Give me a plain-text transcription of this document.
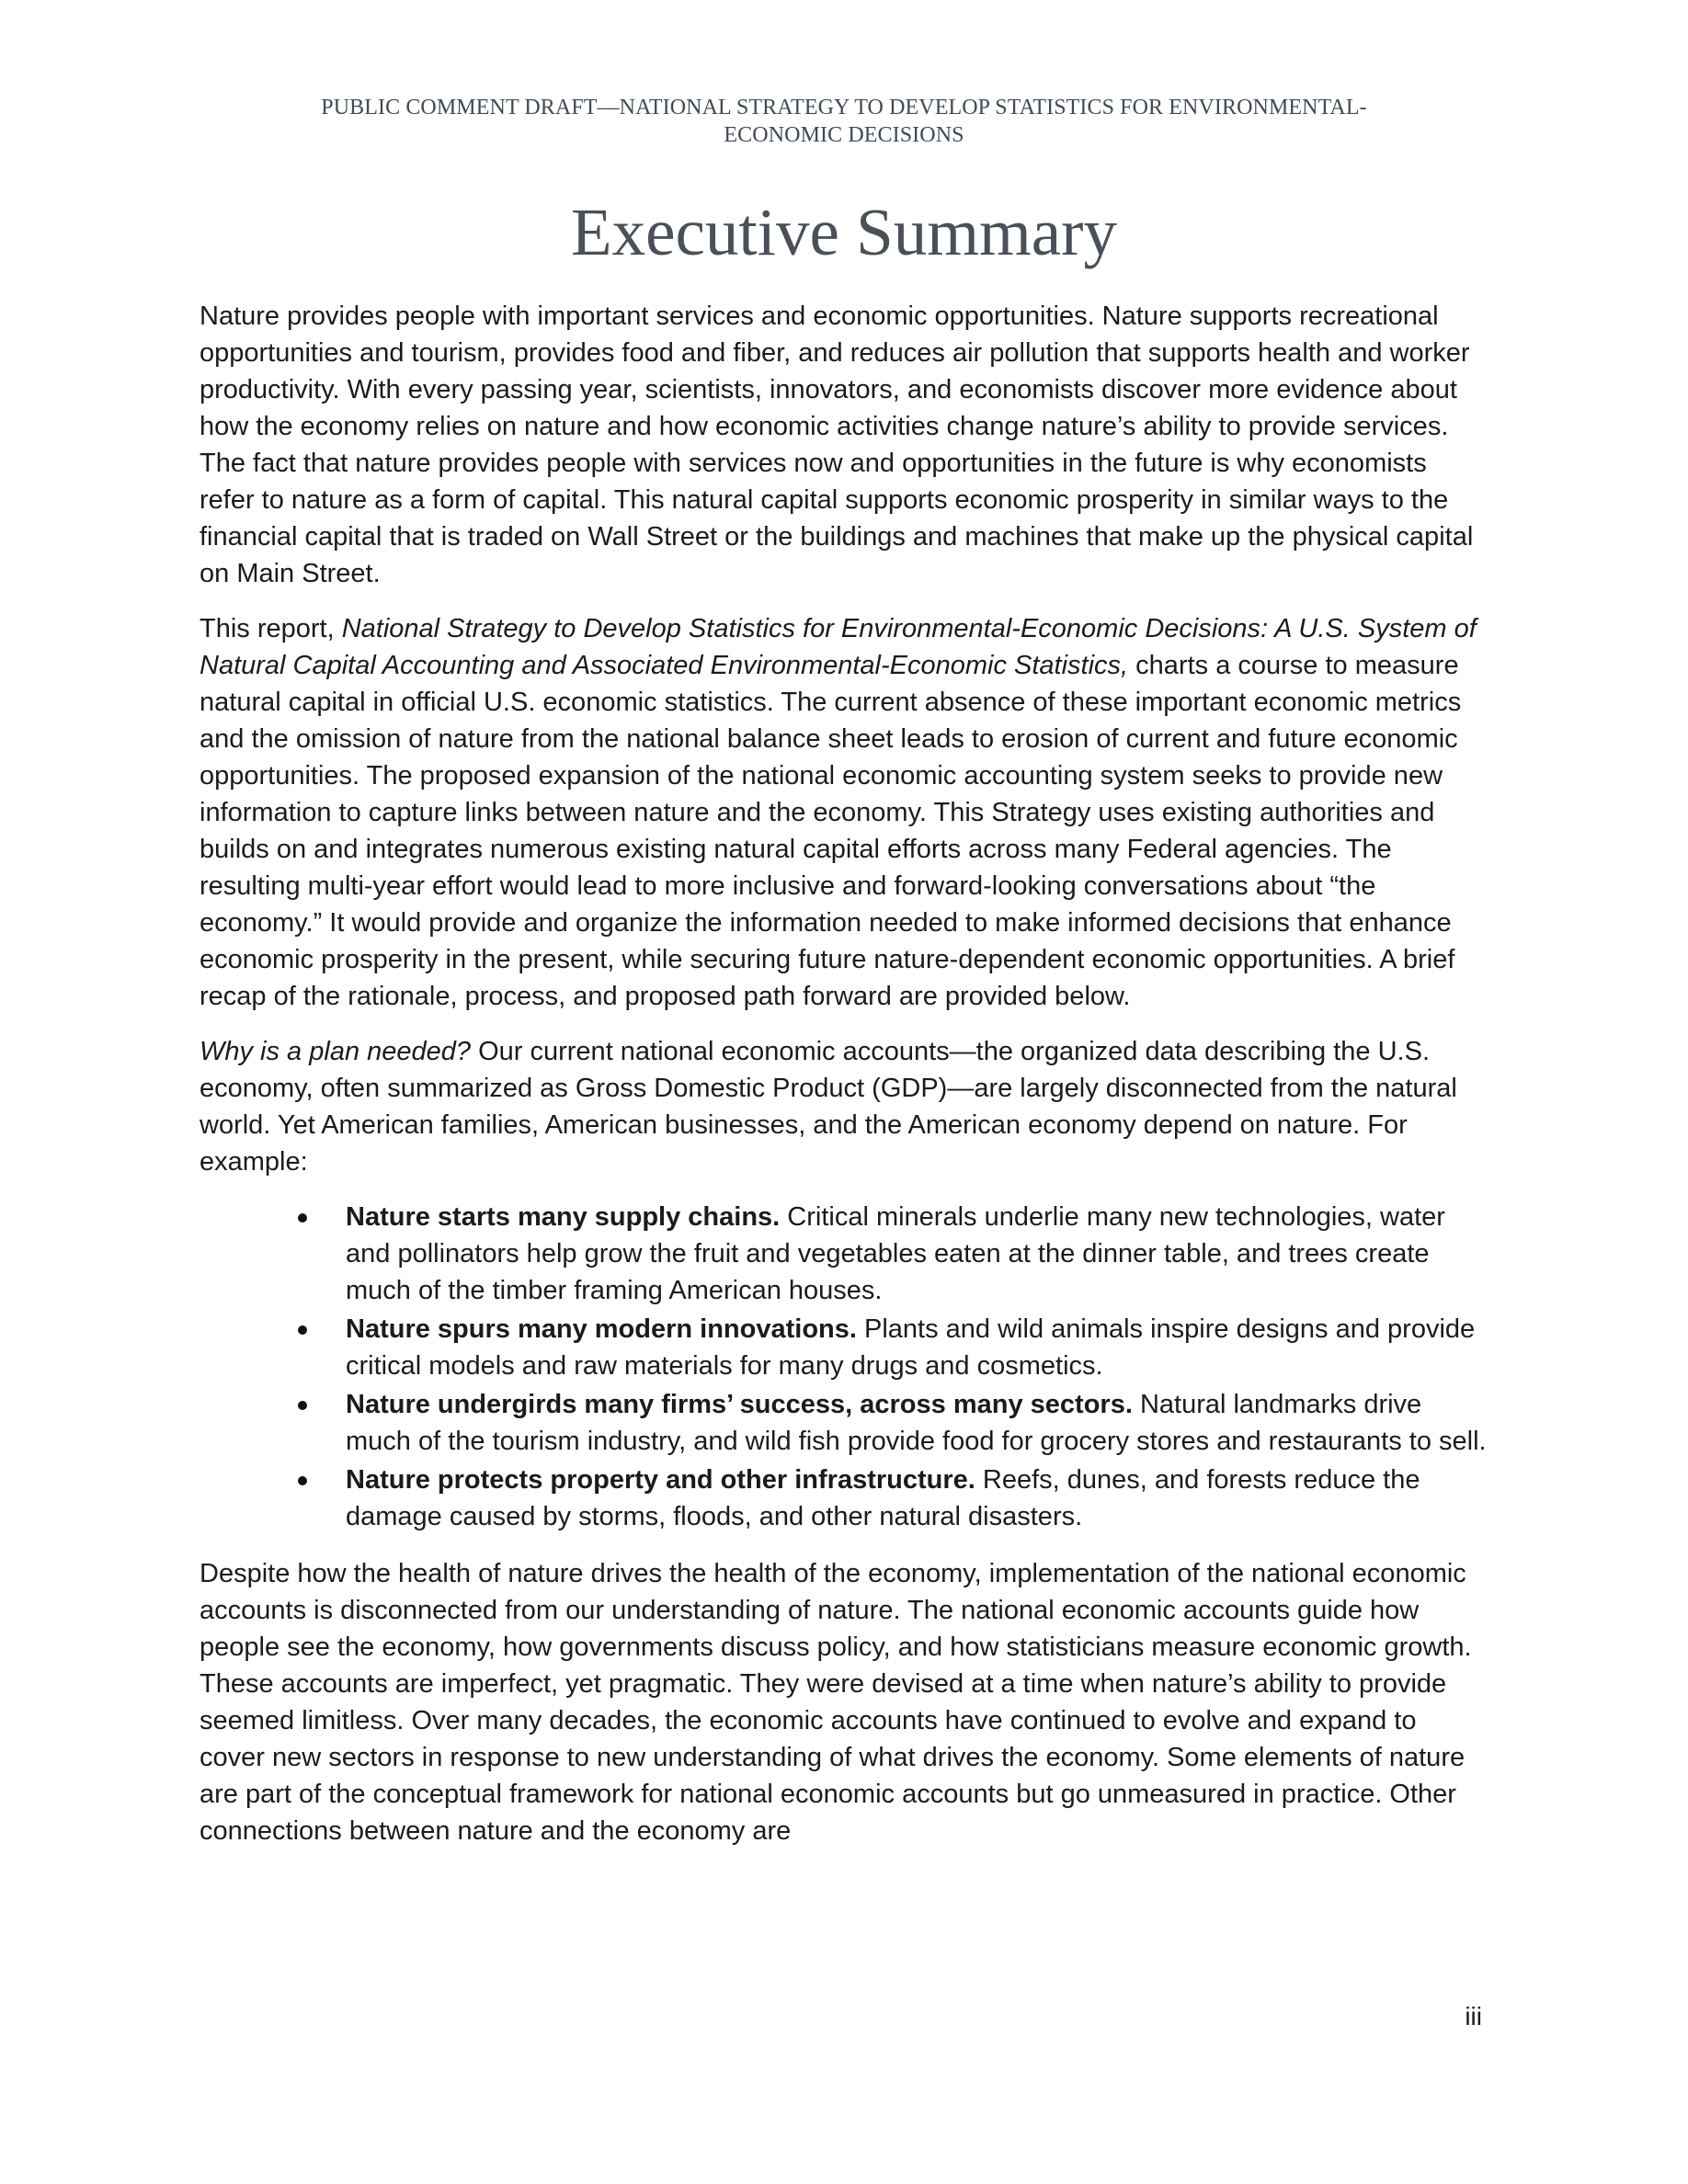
PUBLIC COMMENT DRAFT—NATIONAL STRATEGY TO DEVELOP STATISTICS FOR ENVIRONMENTAL-
ECONOMIC DECISIONS
Executive Summary

Nature provides people with important services and economic opportunities. Nature supports recreational opportunities and tourism, provides food and fiber, and reduces air pollution that supports health and worker productivity. With every passing year, scientists, innovators, and economists discover more evidence about how the economy relies on nature and how economic activities change nature’s ability to provide services. The fact that nature provides people with services now and opportunities in the future is why economists refer to nature as a form of capital. This natural capital supports economic prosperity in similar ways to the financial capital that is traded on Wall Street or the buildings and machines that make up the physical capital on Main Street.

This report, National Strategy to Develop Statistics for Environmental-Economic Decisions: A U.S. System of Natural Capital Accounting and Associated Environmental-Economic Statistics, charts a course to measure natural capital in official U.S. economic statistics. The current absence of these important economic metrics and the omission of nature from the national balance sheet leads to erosion of current and future economic opportunities. The proposed expansion of the national economic accounting system seeks to provide new information to capture links between nature and the economy. This Strategy uses existing authorities and builds on and integrates numerous existing natural capital efforts across many Federal agencies. The resulting multi-year effort would lead to more inclusive and forward-looking conversations about “the economy.” It would provide and organize the information needed to make informed decisions that enhance economic prosperity in the present, while securing future nature-dependent economic opportunities. A brief recap of the rationale, process, and proposed path forward are provided below.

Why is a plan needed? Our current national economic accounts—the organized data describing the U.S. economy, often summarized as Gross Domestic Product (GDP)—are largely disconnected from the natural world. Yet American families, American businesses, and the American economy depend on nature. For example:

Nature starts many supply chains. Critical minerals underlie many new technologies, water and pollinators help grow the fruit and vegetables eaten at the dinner table, and trees create much of the timber framing American houses.
Nature spurs many modern innovations. Plants and wild animals inspire designs and provide critical models and raw materials for many drugs and cosmetics.
Nature undergirds many firms’ success, across many sectors. Natural landmarks drive much of the tourism industry, and wild fish provide food for grocery stores and restaurants to sell.
Nature protects property and other infrastructure. Reefs, dunes, and forests reduce the damage caused by storms, floods, and other natural disasters.

Despite how the health of nature drives the health of the economy, implementation of the national economic accounts is disconnected from our understanding of nature. The national economic accounts guide how people see the economy, how governments discuss policy, and how statisticians measure economic growth. These accounts are imperfect, yet pragmatic. They were devised at a time when nature’s ability to provide seemed limitless. Over many decades, the economic accounts have continued to evolve and expand to cover new sectors in response to new understanding of what drives the economy. Some elements of nature are part of the conceptual framework for national economic accounts but go unmeasured in practice. Other connections between nature and the economy are

iii
